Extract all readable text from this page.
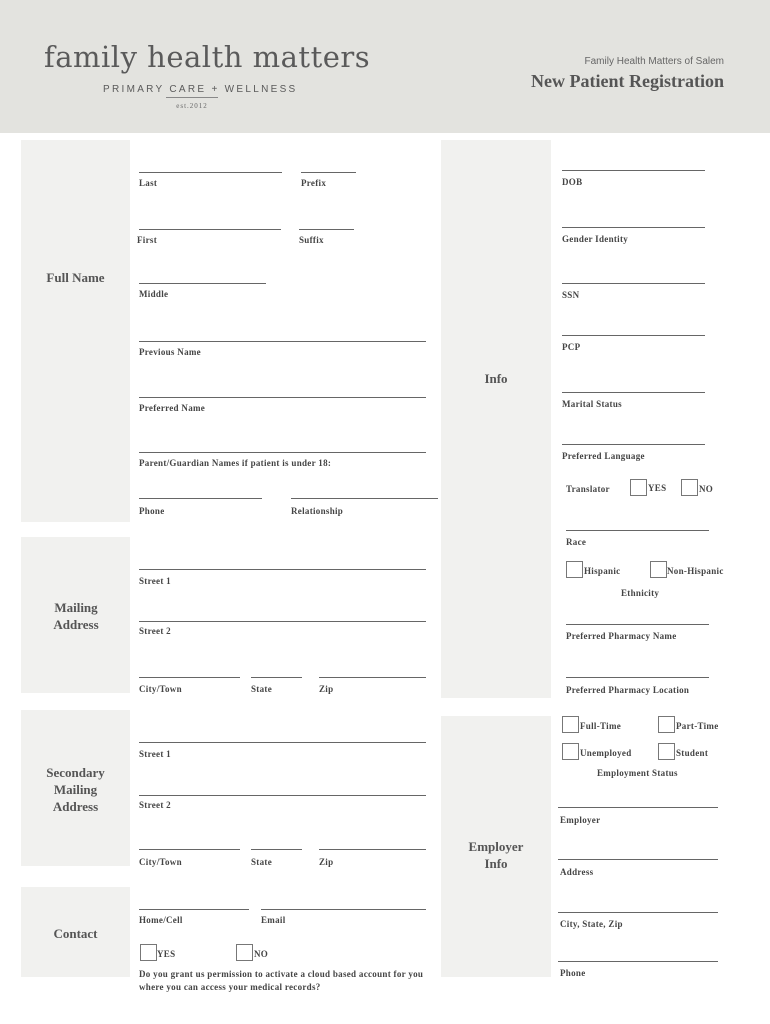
family health matters
PRIMARY CARE + WELLNESS
est.2012
Family Health Matters of Salem
New Patient Registration
Full Name
Last	Prefix
First	Suffix
Middle
Previous Name
Preferred Name
Parent/Guardian Names if patient is under 18:
Phone	Relationship
Mailing Address
Street 1
Street 2
City/Town	State	Zip
Secondary Mailing Address
Street 1
Street 2
City/Town	State	Zip
Contact
Home/Cell	Email
YES	NO
Do you grant us permission to activate a cloud based account for you where you can access your medical records?
Info
DOB
Gender Identity
SSN
PCP
Marital Status
Preferred Language
Translator	YES	NO
Race
Hispanic	Non-Hispanic
Ethnicity
Preferred Pharmacy Name
Preferred Pharmacy Location
Employer Info
Full-Time	Part-Time
Unemployed	Student
Employment Status
Employer
Address
City, State, Zip
Phone
